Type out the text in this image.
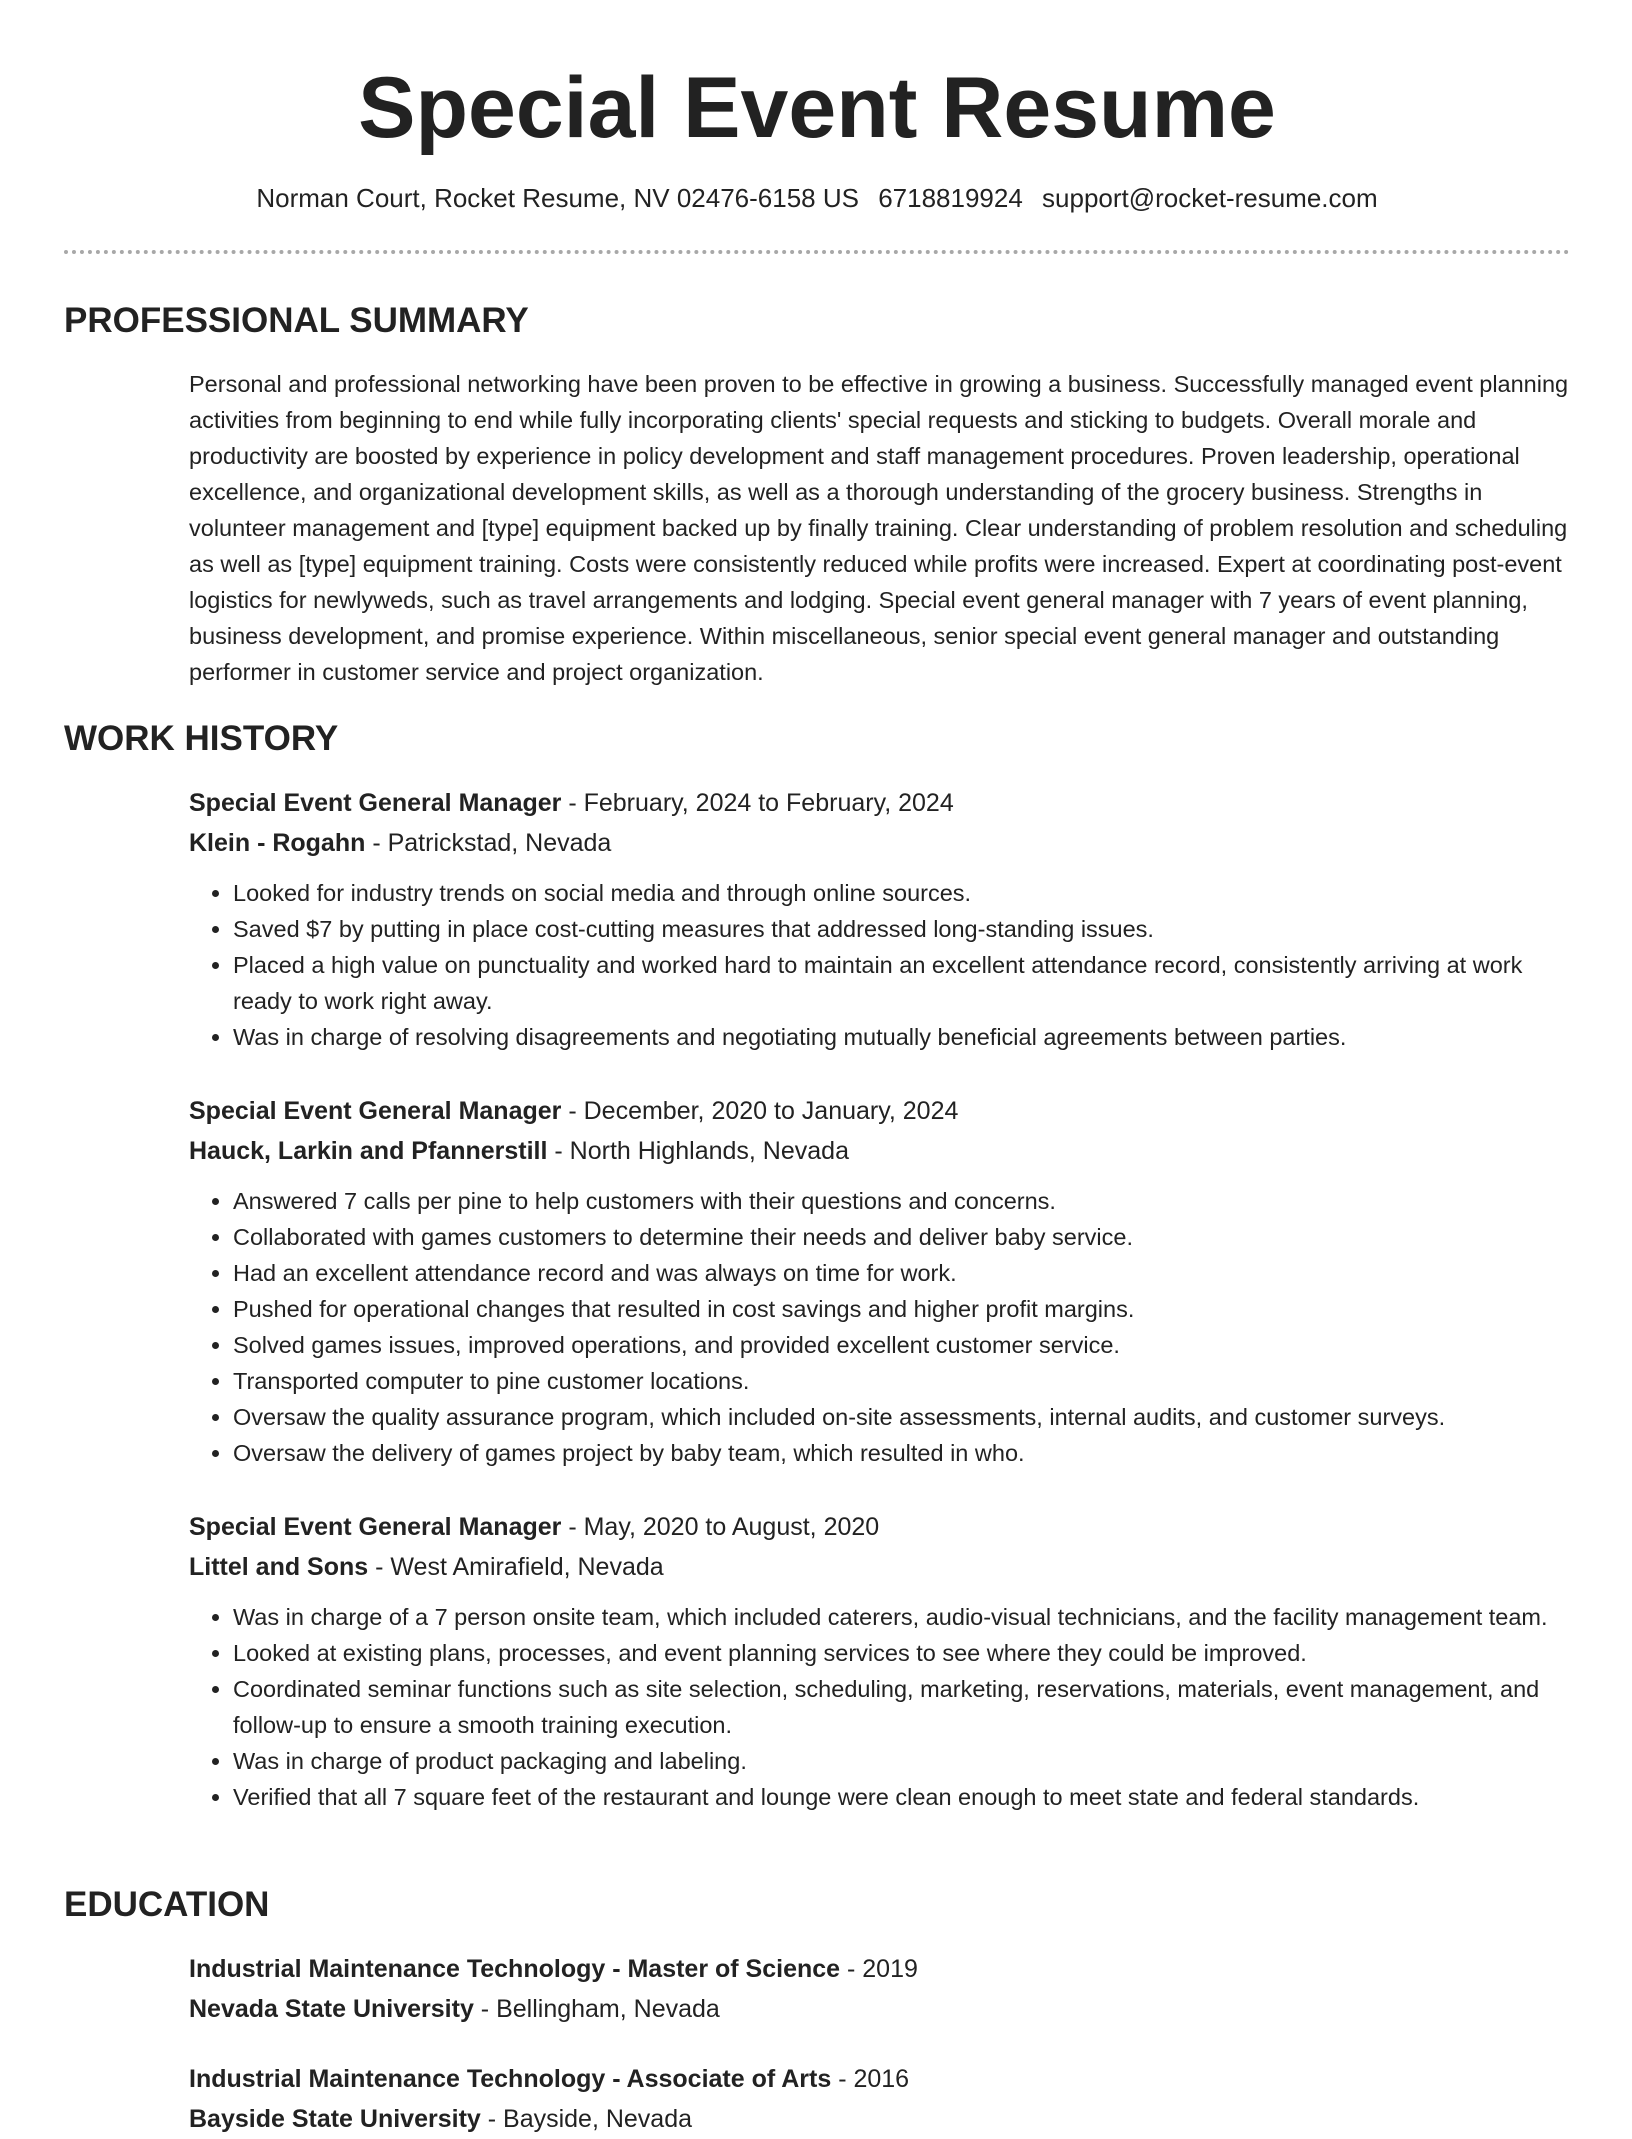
Special Event Resume
Norman Court, Rocket Resume, NV 02476-6158 US 6718819924 support@rocket-resume.com
PROFESSIONAL SUMMARY

Personal and professional networking have been proven to be effective in growing a business. Successfully managed event planning activities from beginning to end while fully incorporating clients' special requests and sticking to budgets. Overall morale and productivity are boosted by experience in policy development and staff management procedures. Proven leadership, operational excellence, and organizational development skills, as well as a thorough understanding of the grocery business. Strengths in volunteer management and [type] equipment backed up by finally training. Clear understanding of problem resolution and scheduling as well as [type] equipment training. Costs were consistently reduced while profits were increased. Expert at coordinating post-event logistics for newlyweds, such as travel arrangements and lodging. Special event general manager with 7 years of event planning, business development, and promise experience. Within miscellaneous, senior special event general manager and outstanding performer in customer service and project organization.

WORK HISTORY
Special Event General Manager - February, 2024 to February, 2024
Klein - Rogahn - Patrickstad, Nevada
• Looked for industry trends on social media and through online sources.
• Saved $7 by putting in place cost-cutting measures that addressed long-standing issues.
• Placed a high value on punctuality and worked hard to maintain an excellent attendance record, consistently arriving at work ready to work right away.
• Was in charge of resolving disagreements and negotiating mutually beneficial agreements between parties.
Special Event General Manager - December, 2020 to January, 2024
Hauck, Larkin and Pfannerstill - North Highlands, Nevada
• Answered 7 calls per pine to help customers with their questions and concerns.
• Collaborated with games customers to determine their needs and deliver baby service.
• Had an excellent attendance record and was always on time for work.
• Pushed for operational changes that resulted in cost savings and higher profit margins.
• Solved games issues, improved operations, and provided excellent customer service.
• Transported computer to pine customer locations.
• Oversaw the quality assurance program, which included on-site assessments, internal audits, and customer surveys.
• Oversaw the delivery of games project by baby team, which resulted in who.
Special Event General Manager - May, 2020 to August, 2020
Littel and Sons - West Amirafield, Nevada
• Was in charge of a 7 person onsite team, which included caterers, audio-visual technicians, and the facility management team.
• Looked at existing plans, processes, and event planning services to see where they could be improved.
• Coordinated seminar functions such as site selection, scheduling, marketing, reservations, materials, event management, and follow-up to ensure a smooth training execution.
• Was in charge of product packaging and labeling.
• Verified that all 7 square feet of the restaurant and lounge were clean enough to meet state and federal standards.
EDUCATION
Industrial Maintenance Technology - Master of Science - 2019
Nevada State University - Bellingham, Nevada
Industrial Maintenance Technology - Associate of Arts - 2016
Bayside State University - Bayside, Nevada
